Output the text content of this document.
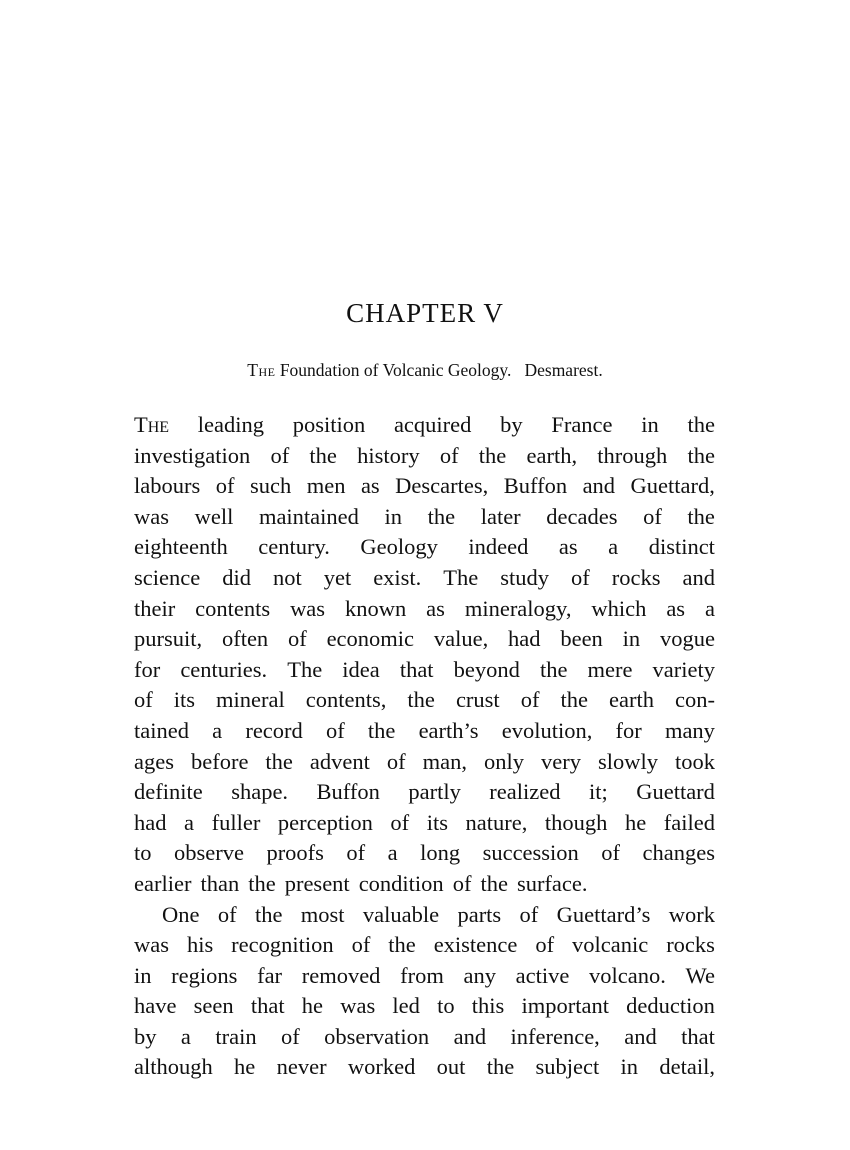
CHAPTER V

The Foundation of Volcanic Geology.   Desmarest.

The leading position acquired by France in the
investigation of the history of the earth, through the
labours of such men as Descartes, Buffon and Guettard,
was well maintained in the later decades of the
eighteenth century. Geology indeed as a distinct
science did not yet exist. The study of rocks and
their contents was known as mineralogy, which as a
pursuit, often of economic value, had been in vogue
for centuries. The idea that beyond the mere variety
of its mineral contents, the crust of the earth con-
tained a record of the earth’s evolution, for many
ages before the advent of man, only very slowly took
definite shape. Buffon partly realized it; Guettard
had a fuller perception of its nature, though he failed
to observe proofs of a long succession of changes
earlier than the present condition of the surface.
One of the most valuable parts of Guettard’s work
was his recognition of the existence of volcanic rocks
in regions far removed from any active volcano. We
have seen that he was led to this important deduction
by a train of observation and inference, and that
although he never worked out the subject in detail,
